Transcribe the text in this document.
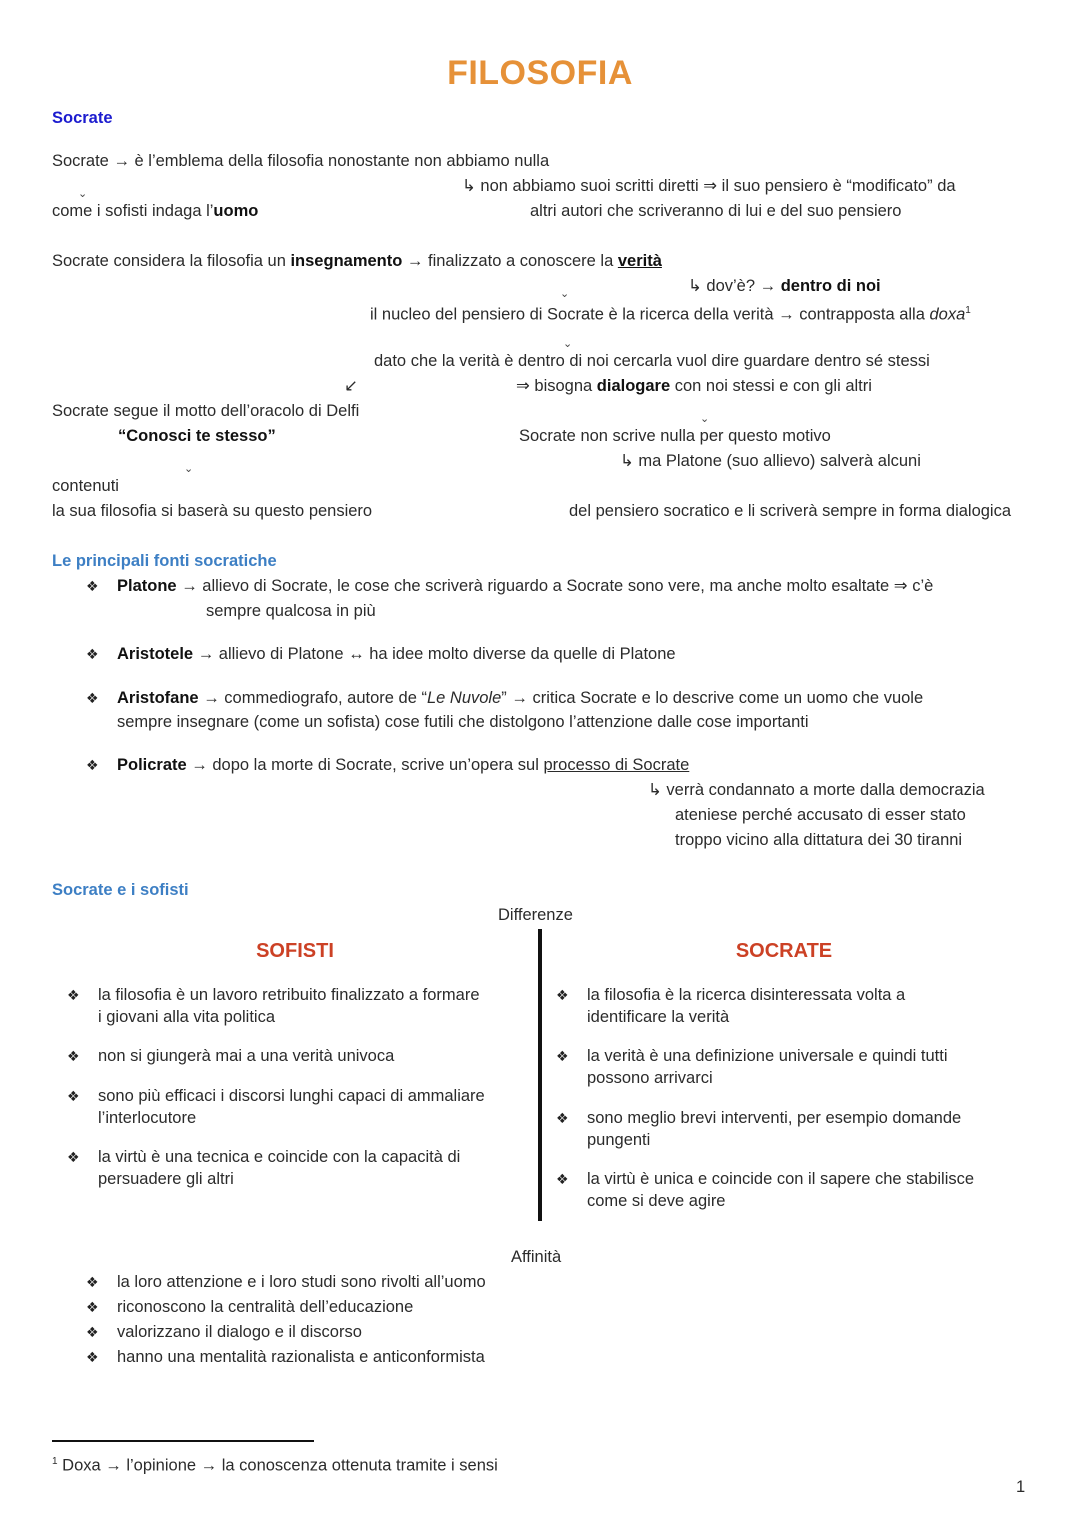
FILOSOFIA
Socrate
Socrate → è l’emblema della filosofia nonostante non abbiamo nulla
⌄	↳ non abbiamo suoi scritti diretti ⇒ il suo pensiero è “modificato” da
come i sofisti indaga l’uomo	altri autori che scriveranno di lui e del suo pensiero
Socrate considera la filosofia un insegnamento → finalizzato a conoscere la verità
⌄	↳ dov’è? → dentro di noi
il nucleo del pensiero di Socrate è la ricerca della verità → contrapposta alla doxa$^1$
⌄
dato che la verità è dentro di noi cercarla vuol dire guardare dentro sé stessi
↙	⇒ bisogna dialogare con noi stessi e con gli altri
Socrate segue il motto dell’oracolo di Delfi	⌄
“Conosci te stesso”	Socrate non scrive nulla per questo motivo
⌄	↳ ma Platone (suo allievo) salverà alcuni
contenuti
la sua filosofia si baserà su questo pensiero	del pensiero socratico e li scriverà sempre in forma dialogica
Le principali fonti socratiche
❖ Platone → allievo di Socrate, le cose che scriverà riguardo a Socrate sono vere, ma anche molto esaltate ⇒ c’è
sempre qualcosa in più
❖ Aristotele → allievo di Platone ↔ ha idee molto diverse da quelle di Platone
❖ Aristofane → commediografo, autore de “Le Nuvole” → critica Socrate e lo descrive come un uomo che vuole
sempre insegnare (come un sofista) cose futili che distolgono l’attenzione dalle cose importanti
❖ Policrate → dopo la morte di Socrate, scrive un’opera sul processo di Socrate
↳ verrà condannato a morte dalla democrazia
ateniese perché accusato di esser stato
troppo vicino alla dittatura dei 30 tiranni
Socrate e i sofisti
Differenze
SOFISTI	SOCRATE
❖ la filosofia è un lavoro retribuito finalizzato a formare
i giovani alla vita politica
❖ non si giungerà mai a una verità univoca
❖ sono più efficaci i discorsi lunghi capaci di ammaliare
l’interlocutore
❖ la virtù è una tecnica e coincide con la capacità di
persuadere gli altri
❖ la filosofia è la ricerca disinteressata volta a
identificare la verità
❖ la verità è una definizione universale e quindi tutti
possono arrivarci
❖ sono meglio brevi interventi, per esempio domande
pungenti
❖ la virtù è unica e coincide con il sapere che stabilisce
come si deve agire
Affinità
❖ la loro attenzione e i loro studi sono rivolti all’uomo
❖ riconoscono la centralità dell’educazione
❖ valorizzano il dialogo e il discorso
❖ hanno una mentalità razionalista e anticonformista
$^1$ Doxa → l’opinione → la conoscenza ottenuta tramite i sensi
1
